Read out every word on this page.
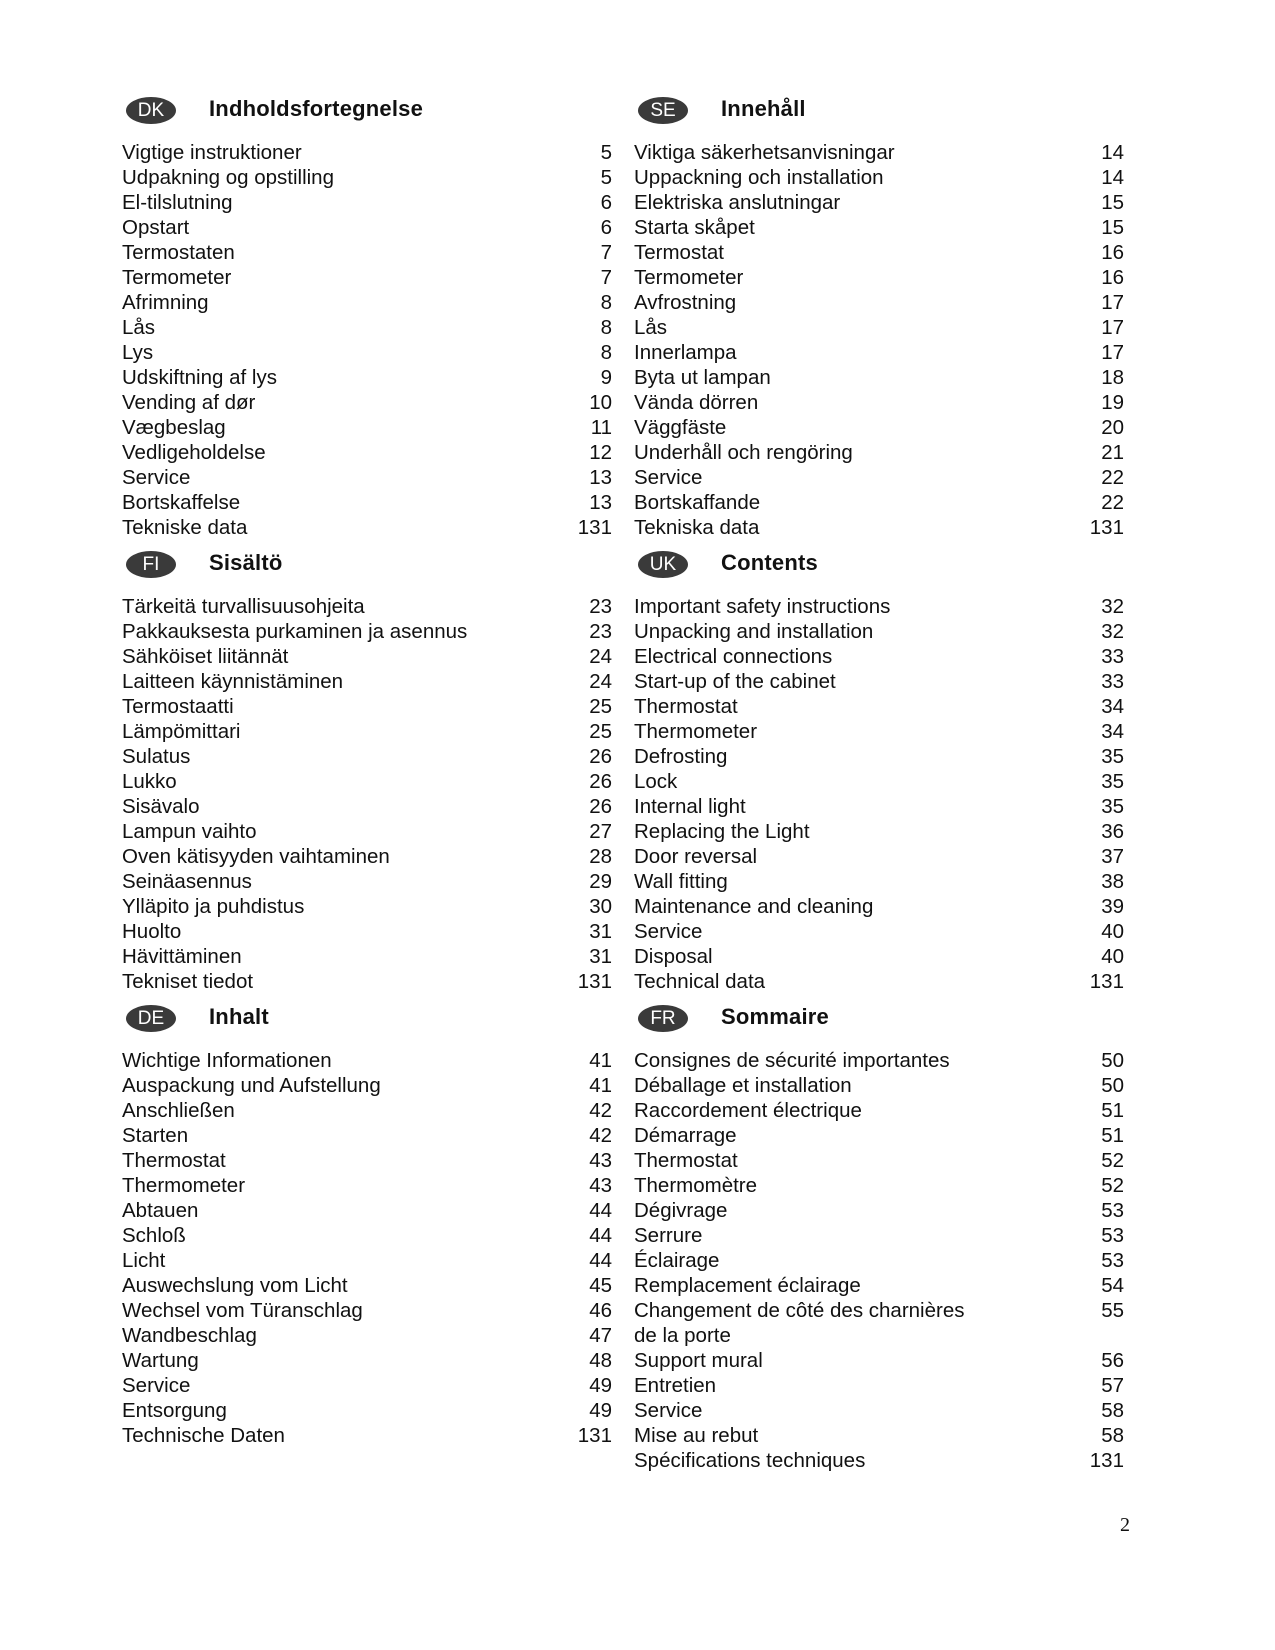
DK	Indholdsfortegnelse
Vigtige instruktioner	5
Udpakning og opstilling	5
El-tilslutning	6
Opstart	6
Termostaten	7
Termometer	7
Afrimning	8
Lås	8
Lys	8
Udskiftning af lys	9
Vending af dør	10
Vægbeslag	11
Vedligeholdelse	12
Service	13
Bortskaffelse	13
Tekniske data	131
SE	Innehåll
Viktiga säkerhetsanvisningar	14
Uppackning och installation	14
Elektriska anslutningar	15
Starta skåpet	15
Termostat	16
Termometer	16
Avfrostning	17
Lås	17
Innerlampa	17
Byta ut lampan	18
Vända dörren	19
Väggfäste	20
Underhåll och rengöring	21
Service	22
Bortskaffande	22
Tekniska data	131
FI	Sisältö
Tärkeitä turvallisuusohjeita	23
Pakkauksesta purkaminen ja asennus	23
Sähköiset liitännät	24
Laitteen käynnistäminen	24
Termostaatti	25
Lämpömittari	25
Sulatus	26
Lukko	26
Sisävalo	26
Lampun vaihto	27
Oven kätisyyden vaihtaminen	28
Seinäasennus	29
Ylläpito ja puhdistus	30
Huolto	31
Hävittäminen	31
Tekniset tiedot	131
UK	Contents
Important safety instructions	32
Unpacking and installation	32
Electrical connections	33
Start-up of the cabinet	33
Thermostat	34
Thermometer	34
Defrosting	35
Lock	35
Internal light	35
Replacing the Light	36
Door reversal	37
Wall fitting	38
Maintenance and cleaning	39
Service	40
Disposal	40
Technical data	131
DE	Inhalt
Wichtige Informationen	41
Auspackung und Aufstellung	41
Anschließen	42
Starten	42
Thermostat	43
Thermometer	43
Abtauen	44
Schloß	44
Licht	44
Auswechslung vom Licht	45
Wechsel vom Türanschlag	46
Wandbeschlag	47
Wartung	48
Service	49
Entsorgung	49
Technische Daten	131
FR	Sommaire
Consignes de sécurité importantes	50
Déballage et installation	50
Raccordement électrique	51
Démarrage	51
Thermostat	52
Thermomètre	52
Dégivrage	53
Serrure	53
Éclairage	53
Remplacement éclairage	54
Changement de côté des charnières	55
de la porte
Support mural	56
Entretien	57
Service	58
Mise au rebut	58
Spécifications techniques	131
2
